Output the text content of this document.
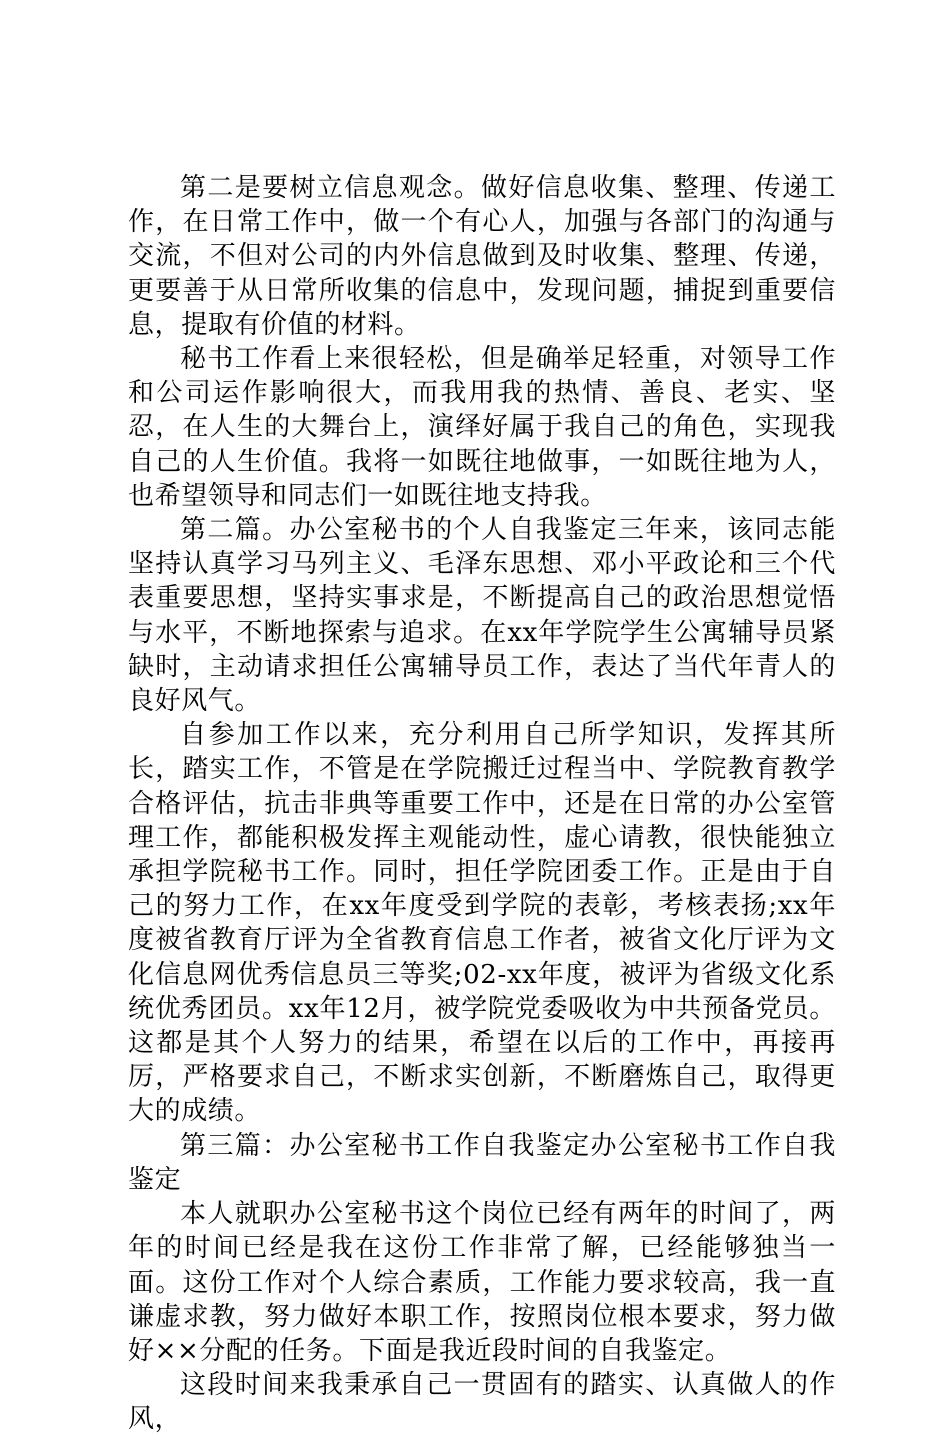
第二是要树立信息观念。做好信息收集、整理、传递工作，在日常工作中，做一个有心人，加强与各部门的沟通与交流，不但对公司的内外信息做到及时收集、整理、传递，更要善于从日常所收集的信息中，发现问题，捕捉到重要信息，提取有价值的材料。

秘书工作看上来很轻松，但是确举足轻重，对领导工作和公司运作影响很大，而我用我的热情、善良、老实、坚忍，在人生的大舞台上，演绎好属于我自己的角色，实现我自己的人生价值。我将一如既往地做事，一如既往地为人，也希望领导和同志们一如既往地支持我。

第二篇。办公室秘书的个人自我鉴定三年来，该同志能坚持认真学习马列主义、毛泽东思想、邓小平政论和三个代表重要思想，坚持实事求是，不断提高自己的政治思想觉悟与水平，不断地探索与追求。在xx年学院学生公寓辅导员紧缺时，主动请求担任公寓辅导员工作，表达了当代年青人的良好风气。

自参加工作以来，充分利用自己所学知识，发挥其所长，踏实工作，不管是在学院搬迁过程当中、学院教育教学合格评估，抗击非典等重要工作中，还是在日常的办公室管理工作，都能积极发挥主观能动性，虚心请教，很快能独立承担学院秘书工作。同时，担任学院团委工作。正是由于自己的努力工作，在xx年度受到学院的表彰，考核表扬;xx年度被省教育厅评为全省教育信息工作者，被省文化厅评为文化信息网优秀信息员三等奖;02-xx年度，被评为省级文化系统优秀团员。xx年12月，被学院党委吸收为中共预备党员。这都是其个人努力的结果，希望在以后的工作中，再接再厉，严格要求自己，不断求实创新，不断磨炼自己，取得更大的成绩。

第三篇：办公室秘书工作自我鉴定办公室秘书工作自我鉴定

本人就职办公室秘书这个岗位已经有两年的时间了，两年的时间已经是我在这份工作非常了解，已经能够独当一面。这份工作对个人综合素质，工作能力要求较高，我一直谦虚求教，努力做好本职工作，按照岗位根本要求，努力做好××分配的任务。下面是我近段时间的自我鉴定。

这段时间来我秉承自己一贯固有的踏实、认真做人的作风，
